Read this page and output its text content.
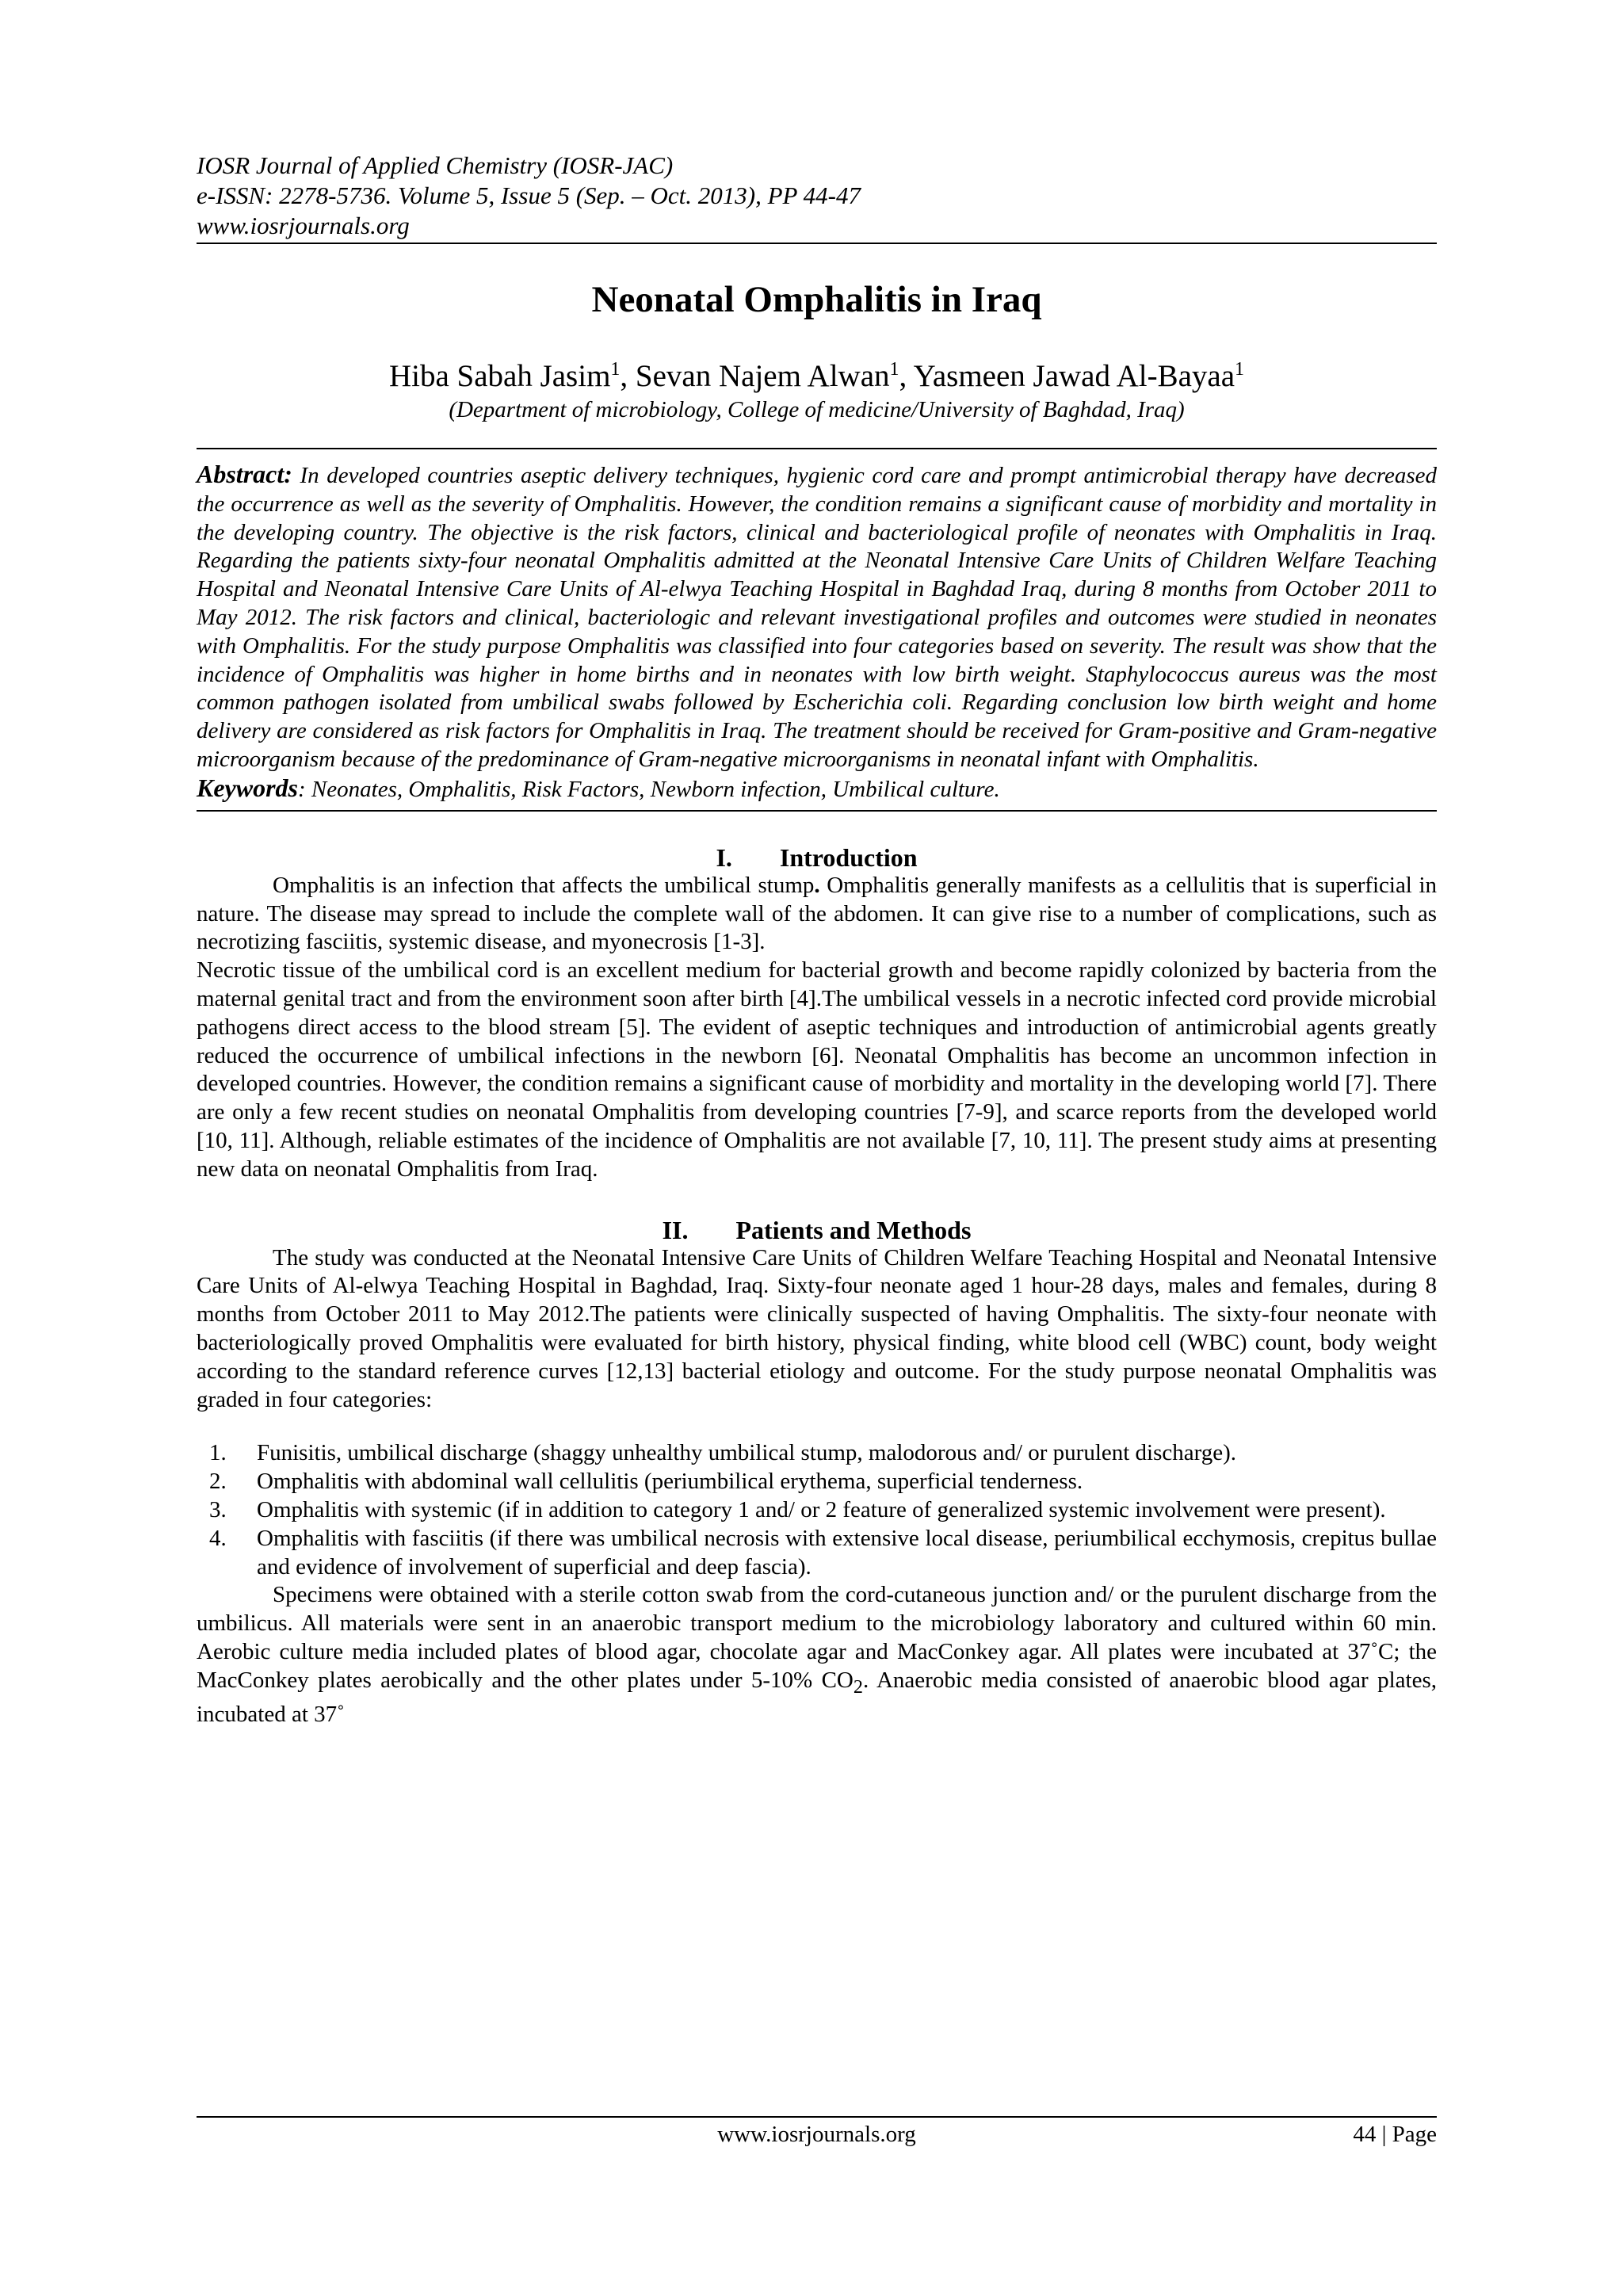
IOSR Journal of Applied Chemistry (IOSR-JAC)
e-ISSN: 2278-5736. Volume 5, Issue 5 (Sep. – Oct. 2013), PP 44-47
www.iosrjournals.org
Neonatal Omphalitis in Iraq
Hiba Sabah Jasim$^1$, Sevan Najem Alwan$^1$, Yasmeen Jawad Al-Bayaa$^1$
(Department of microbiology, College of medicine/University of Baghdad, Iraq)
Abstract: In developed countries aseptic delivery techniques, hygienic cord care and prompt antimicrobial therapy have decreased the occurrence as well as the severity of Omphalitis. However, the condition remains a significant cause of morbidity and mortality in the developing country. The objective is the risk factors, clinical and bacteriological profile of neonates with Omphalitis in Iraq. Regarding the patients sixty-four neonatal Omphalitis admitted at the Neonatal Intensive Care Units of Children Welfare Teaching Hospital and Neonatal Intensive Care Units of Al-elwya Teaching Hospital in Baghdad Iraq, during 8 months from October 2011 to May 2012. The risk factors and clinical, bacteriologic and relevant investigational profiles and outcomes were studied in neonates with Omphalitis. For the study purpose Omphalitis was classified into four categories based on severity. The result was show that the incidence of Omphalitis was higher in home births and in neonates with low birth weight. Staphylococcus aureus was the most common pathogen isolated from umbilical swabs followed by Escherichia coli. Regarding conclusion low birth weight and home delivery are considered as risk factors for Omphalitis in Iraq. The treatment should be received for Gram-positive and Gram-negative microorganism because of the predominance of Gram-negative microorganisms in neonatal infant with Omphalitis.
Keywords: Neonates, Omphalitis, Risk Factors, Newborn infection, Umbilical culture.
I. Introduction

Omphalitis is an infection that affects the umbilical stump. Omphalitis generally manifests as a cellulitis that is superficial in nature. The disease may spread to include the complete wall of the abdomen. It can give rise to a number of complications, such as necrotizing fasciitis, systemic disease, and myonecrosis [1-3].

Necrotic tissue of the umbilical cord is an excellent medium for bacterial growth and become rapidly colonized by bacteria from the maternal genital tract and from the environment soon after birth [4].The umbilical vessels in a necrotic infected cord provide microbial pathogens direct access to the blood stream [5]. The evident of aseptic techniques and introduction of antimicrobial agents greatly reduced the occurrence of umbilical infections in the newborn [6]. Neonatal Omphalitis has become an uncommon infection in developed countries. However, the condition remains a significant cause of morbidity and mortality in the developing world [7]. There are only a few recent studies on neonatal Omphalitis from developing countries [7-9], and scarce reports from the developed world [10, 11]. Although, reliable estimates of the incidence of Omphalitis are not available [7, 10, 11]. The present study aims at presenting new data on neonatal Omphalitis from Iraq.

II. Patients and Methods

The study was conducted at the Neonatal Intensive Care Units of Children Welfare Teaching Hospital and Neonatal Intensive Care Units of Al-elwya Teaching Hospital in Baghdad, Iraq. Sixty-four neonate aged 1 hour-28 days, males and females, during 8 months from October 2011 to May 2012.The patients were clinically suspected of having Omphalitis. The sixty-four neonate with bacteriologically proved Omphalitis were evaluated for birth history, physical finding, white blood cell (WBC) count, body weight according to the standard reference curves [12,13] bacterial etiology and outcome. For the study purpose neonatal Omphalitis was graded in four categories:

1. Funisitis, umbilical discharge (shaggy unhealthy umbilical stump, malodorous and/ or purulent discharge).
2. Omphalitis with abdominal wall cellulitis (periumbilical erythema, superficial tenderness.
3. Omphalitis with systemic (if in addition to category 1 and/ or 2 feature of generalized systemic involvement were present).
4. Omphalitis with fasciitis (if there was umbilical necrosis with extensive local disease, periumbilical ecchymosis, crepitus bullae and evidence of involvement of superficial and deep fascia).

Specimens were obtained with a sterile cotton swab from the cord-cutaneous junction and/ or the purulent discharge from the umbilicus. All materials were sent in an anaerobic transport medium to the microbiology laboratory and cultured within 60 min. Aerobic culture media included plates of blood agar, chocolate agar and MacConkey agar. All plates were incubated at 37˚C; the MacConkey plates aerobically and the other plates under 5-10% $CO_2$. Anaerobic media consisted of anaerobic blood agar plates, incubated at 37˚

www.iosrjournals.org	44 | Page
